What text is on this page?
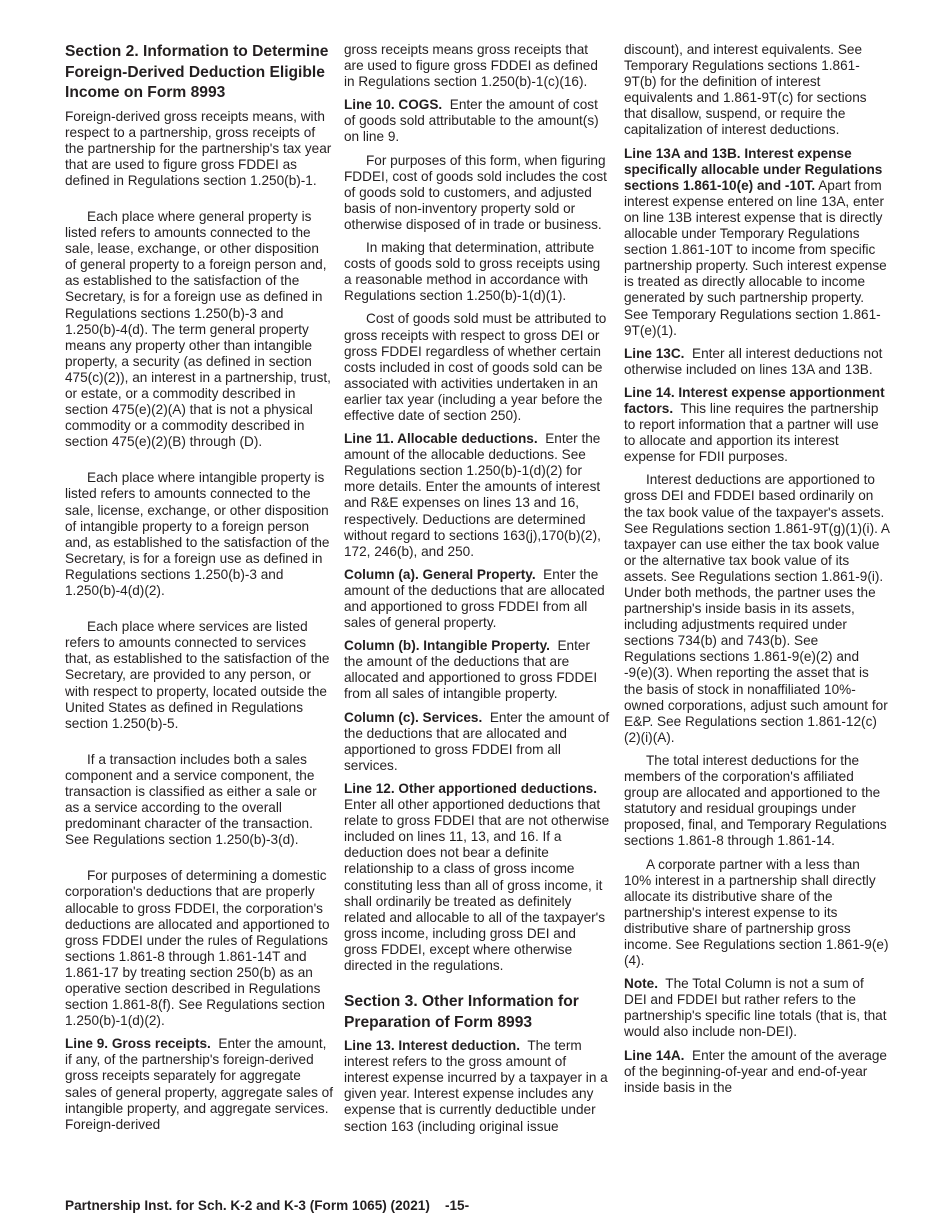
Section 2. Information to Determine Foreign-Derived Deduction Eligible Income on Form 8993

Foreign-derived gross receipts means, with respect to a partnership, gross receipts of the partnership for the partnership's tax year that are used to figure gross FDDEI as defined in Regulations section 1.250(b)-1.

Each place where general property is listed refers to amounts connected to the sale, lease, exchange, or other disposition of general property to a foreign person and, as established to the satisfaction of the Secretary, is for a foreign use as defined in Regulations sections 1.250(b)-3 and 1.250(b)-4(d). The term general property means any property other than intangible property, a security (as defined in section 475(c)(2)), an interest in a partnership, trust, or estate, or a commodity described in section 475(e)(2)(A) that is not a physical commodity or a commodity described in section 475(e)(2)(B) through (D).

Each place where intangible property is listed refers to amounts connected to the sale, license, exchange, or other disposition of intangible property to a foreign person and, as established to the satisfaction of the Secretary, is for a foreign use as defined in Regulations sections 1.250(b)-3 and 1.250(b)-4(d)(2).

Each place where services are listed refers to amounts connected to services that, as established to the satisfaction of the Secretary, are provided to any person, or with respect to property, located outside the United States as defined in Regulations section 1.250(b)-5.

If a transaction includes both a sales component and a service component, the transaction is classified as either a sale or as a service according to the overall predominant character of the transaction. See Regulations section 1.250(b)-3(d).

For purposes of determining a domestic corporation's deductions that are properly allocable to gross FDDEI, the corporation's deductions are allocated and apportioned to gross FDDEI under the rules of Regulations sections 1.861-8 through 1.861-14T and 1.861-17 by treating section 250(b) as an operative section described in Regulations section 1.861-8(f). See Regulations section 1.250(b)-1(d)(2).

Line 9. Gross receipts. Enter the amount, if any, of the partnership's foreign-derived gross receipts separately for aggregate sales of general property, aggregate sales of intangible property, and aggregate services. Foreign-derived

gross receipts means gross receipts that are used to figure gross FDDEI as defined in Regulations section 1.250(b)-1(c)(16).

Line 10. COGS. Enter the amount of cost of goods sold attributable to the amount(s) on line 9.

For purposes of this form, when figuring FDDEI, cost of goods sold includes the cost of goods sold to customers, and adjusted basis of non-inventory property sold or otherwise disposed of in trade or business.

In making that determination, attribute costs of goods sold to gross receipts using a reasonable method in accordance with Regulations section 1.250(b)-1(d)(1).

Cost of goods sold must be attributed to gross receipts with respect to gross DEI or gross FDDEI regardless of whether certain costs included in cost of goods sold can be associated with activities undertaken in an earlier tax year (including a year before the effective date of section 250).

Line 11. Allocable deductions. Enter the amount of the allocable deductions. See Regulations section 1.250(b)-1(d)(2) for more details. Enter the amounts of interest and R&E expenses on lines 13 and 16, respectively. Deductions are determined without regard to sections 163(j),170(b)(2), 172, 246(b), and 250.

Column (a). General Property. Enter the amount of the deductions that are allocated and apportioned to gross FDDEI from all sales of general property.

Column (b). Intangible Property. Enter the amount of the deductions that are allocated and apportioned to gross FDDEI from all sales of intangible property.

Column (c). Services. Enter the amount of the deductions that are allocated and apportioned to gross FDDEI from all services.

Line 12. Other apportioned deductions.  Enter all other apportioned deductions that relate to gross FDDEI that are not otherwise included on lines 11, 13, and 16. If a deduction does not bear a definite relationship to a class of gross income constituting less than all of gross income, it shall ordinarily be treated as definitely related and allocable to all of the taxpayer's gross income, including gross DEI and gross FDDEI, except where otherwise directed in the regulations.

Section 3. Other Information for Preparation of Form 8993

Line 13. Interest deduction. The term interest refers to the gross amount of interest expense incurred by a taxpayer in a given year. Interest expense includes any expense that is currently deductible under section 163 (including original issue

discount), and interest equivalents. See Temporary Regulations sections 1.861-9T(b) for the definition of interest equivalents and 1.861-9T(c) for sections that disallow, suspend, or require the capitalization of interest deductions.

Line 13A and 13B. Interest expense specifically allocable under Regulations sections 1.861-10(e) and -10T. Apart from interest expense entered on line 13A, enter on line 13B interest expense that is directly allocable under Temporary Regulations section 1.861-10T to income from specific partnership property. Such interest expense is treated as directly allocable to income generated by such partnership property. See Temporary Regulations section 1.861-9T(e)(1).

Line 13C. Enter all interest deductions not otherwise included on lines 13A and 13B.

Line 14. Interest expense apportionment factors. This line requires the partnership to report information that a partner will use to allocate and apportion its interest expense for FDII purposes.

Interest deductions are apportioned to gross DEI and FDDEI based ordinarily on the tax book value of the taxpayer's assets. See Regulations section 1.861-9T(g)(1)(i). A taxpayer can use either the tax book value or the alternative tax book value of its assets. See Regulations section 1.861-9(i). Under both methods, the partner uses the partnership's inside basis in its assets, including adjustments required under sections 734(b) and 743(b). See Regulations sections 1.861-9(e)(2) and -9(e)(3). When reporting the asset that is the basis of stock in nonaffiliated 10%-owned corporations, adjust such amount for E&P. See Regulations section 1.861-12(c)(2)(i)(A).

The total interest deductions for the members of the corporation's affiliated group are allocated and apportioned to the statutory and residual groupings under proposed, final, and Temporary Regulations sections 1.861-8 through 1.861-14.

A corporate partner with a less than 10% interest in a partnership shall directly allocate its distributive share of the partnership's interest expense to its distributive share of partnership gross income. See Regulations section 1.861-9(e)(4).

Note. The Total Column is not a sum of DEI and FDDEI but rather refers to the partnership's specific line totals (that is, that would also include non-DEI).

Line 14A. Enter the amount of the average of the beginning-of-year and end-of-year inside basis in the

Partnership Inst. for Sch. K-2 and K-3 (Form 1065) (2021)    -15-
